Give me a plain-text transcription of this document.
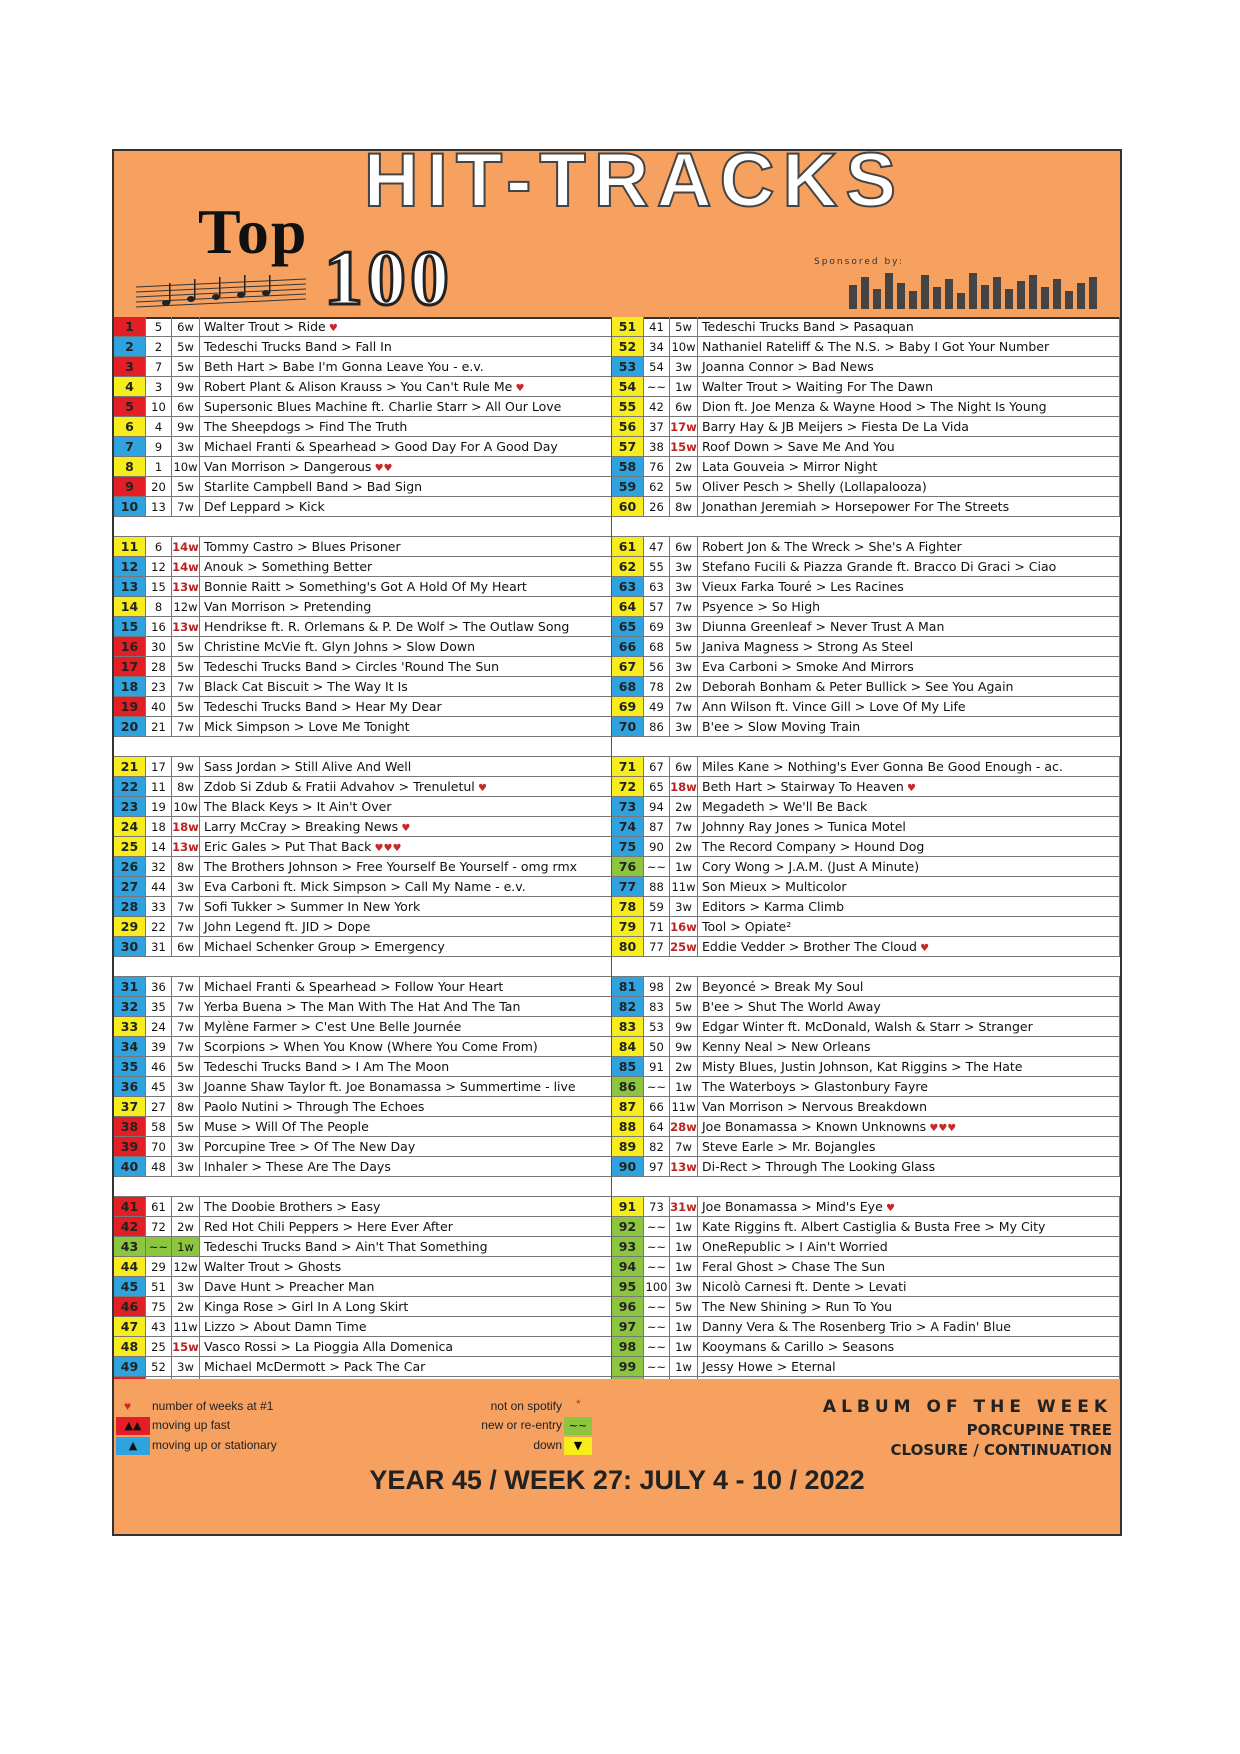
HIT-TRACKS
Top
100	Sponsored by:
1	5	6w Walter Trout > Ride ♥
2	2	5w Tedeschi Trucks Band > Fall In
3	7	5w Beth Hart > Babe I'm Gonna Leave You - e.v.
4	3	9w Robert Plant & Alison Krauss > You Can't Rule Me ♥
5	10 6w Supersonic Blues Machine ft. Charlie Starr > All Our Love
6	4	9w The Sheepdogs > Find The Truth
7	9	3w Michael Franti & Spearhead > Good Day For A Good Day
8	1 10w Van Morrison > Dangerous ♥♥
9	20 5w Starlite Campbell Band > Bad Sign
10	13 7w Def Leppard > Kick
11	6 14w Tommy Castro > Blues Prisoner
12	12 14w Anouk > Something Better
13	15 13w Bonnie Raitt > Something's Got A Hold Of My Heart
14	8 12w Van Morrison > Pretending
15	16 13w Hendrikse ft. R. Orlemans & P. De Wolf > The Outlaw Song
16	30 5w Christine McVie ft. Glyn Johns > Slow Down
17	28 5w Tedeschi Trucks Band > Circles 'Round The Sun
18	23 7w Black Cat Biscuit > The Way It Is
19	40 5w Tedeschi Trucks Band > Hear My Dear
20	21 7w Mick Simpson > Love Me Tonight
21	17 9w Sass Jordan > Still Alive And Well
22	11 8w Zdob Si Zdub & Fratii Advahov > Trenuletul ♥
23	19 10w The Black Keys > It Ain't Over
24	18 18w Larry McCray > Breaking News ♥
25	14 13w Eric Gales > Put That Back ♥♥♥
26	32 8w The Brothers Johnson > Free Yourself Be Yourself - omg rmx
27	44 3w Eva Carboni ft. Mick Simpson > Call My Name - e.v.
28	33 7w Sofi Tukker > Summer In New York
29	22 7w John Legend ft. JID > Dope
30	31 6w Michael Schenker Group > Emergency
31	36 7w Michael Franti & Spearhead > Follow Your Heart
32	35 7w Yerba Buena > The Man With The Hat And The Tan
33	24 7w Mylène Farmer > C'est Une Belle Journée
34	39 7w Scorpions > When You Know (Where You Come From)
35	46 5w Tedeschi Trucks Band > I Am The Moon
36	45 3w Joanne Shaw Taylor ft. Joe Bonamassa > Summertime - live
37	27 8w Paolo Nutini > Through The Echoes
38	58 5w Muse > Will Of The People
39	70 3w Porcupine Tree > Of The New Day
40	48 3w Inhaler > These Are The Days
41	61 2w The Doobie Brothers > Easy
42	72 2w Red Hot Chili Peppers > Here Ever After
43 ~~ 1w Tedeschi Trucks Band > Ain't That Something
44	29 12w Walter Trout > Ghosts
45	51 3w Dave Hunt > Preacher Man
46	75 2w Kinga Rose > Girl In A Long Skirt
47	43 11w Lizzo > About Damn Time
48	25 15w Vasco Rossi > La Pioggia Alla Domenica
49	52 3w Michael McDermott > Pack The Car
51	41 5w Tedeschi Trucks Band > Pasaquan
52	34 10w Nathaniel Rateliff & The N.S. > Baby I Got Your Number
53	54 3w Joanna Connor > Bad News
54 ~~ 1w Walter Trout > Waiting For The Dawn
55	42 6w Dion ft. Joe Menza & Wayne Hood > The Night Is Young
56	37 17w Barry Hay & JB Meijers > Fiesta De La Vida
57	38 15w Roof Down > Save Me And You
58	76 2w Lata Gouveia > Mirror Night
59	62 5w Oliver Pesch > Shelly (Lollapalooza)
60	26 8w Jonathan Jeremiah > Horsepower For The Streets
61	47 6w Robert Jon & The Wreck > She's A Fighter
62	55 3w Stefano Fucili & Piazza Grande ft. Bracco Di Graci > Ciao
63	63 3w Vieux Farka Touré > Les Racines
64	57 7w Psyence > So High
65	69 3w Diunna Greenleaf > Never Trust A Man
66	68 5w Janiva Magness > Strong As Steel
67	56 3w Eva Carboni > Smoke And Mirrors
68	78 2w Deborah Bonham & Peter Bullick > See You Again
69	49 7w Ann Wilson ft. Vince Gill > Love Of My Life
70	86 3w B'ee > Slow Moving Train
71	67 6w Miles Kane > Nothing's Ever Gonna Be Good Enough - ac.
72	65 18w Beth Hart > Stairway To Heaven ♥
73	94 2w Megadeth > We'll Be Back
74	87 7w Johnny Ray Jones > Tunica Motel
75	90 2w The Record Company > Hound Dog
76 ~~ 1w Cory Wong > J.A.M. (Just A Minute)
77	88 11w Son Mieux > Multicolor
78	59 3w Editors > Karma Climb
79	71 16w Tool > Opiate²
80	77 25w Eddie Vedder > Brother The Cloud ♥
81	98 2w Beyoncé > Break My Soul
82	83 5w B'ee > Shut The World Away
83	53 9w Edgar Winter ft. McDonald, Walsh & Starr > Stranger
84	50 9w Kenny Neal > New Orleans
85	91 2w Misty Blues, Justin Johnson, Kat Riggins > The Hate
86 ~~ 1w The Waterboys > Glastonbury Fayre
87	66 11w Van Morrison > Nervous Breakdown
88	64 28w Joe Bonamassa > Known Unknowns ♥♥♥
89	82 7w Steve Earle > Mr. Bojangles
90	97 13w Di-Rect > Through The Looking Glass
91	73 31w Joe Bonamassa > Mind's Eye ♥
92 ~~ 1w Kate Riggins ft. Albert Castiglia & Busta Free > My City
93 ~~ 1w OneRepublic > I Ain't Worried
94 ~~ 1w Feral Ghost > Chase The Sun
95 100 3w Nicolò Carnesi ft. Dente > Levati
96 ~~ 5w The New Shining > Run To You
97 ~~ 1w Danny Vera & The Rosenberg Trio > A Fadin' Blue
98 ~~ 1w Kooymans & Carillo > Seasons
99 ~~ 1w Jessy Howe > Eternal
♥	number of weeks at #1
▲▲ moving up fast
▲	moving up or stationary
not on spotify *
new or re-entry ~~
down	▼
ALBUM OF THE WEEK
PORCUPINE TREE
CLOSURE / CONTINUATION
YEAR 45 / WEEK 27: JULY 4 - 10 / 2022
